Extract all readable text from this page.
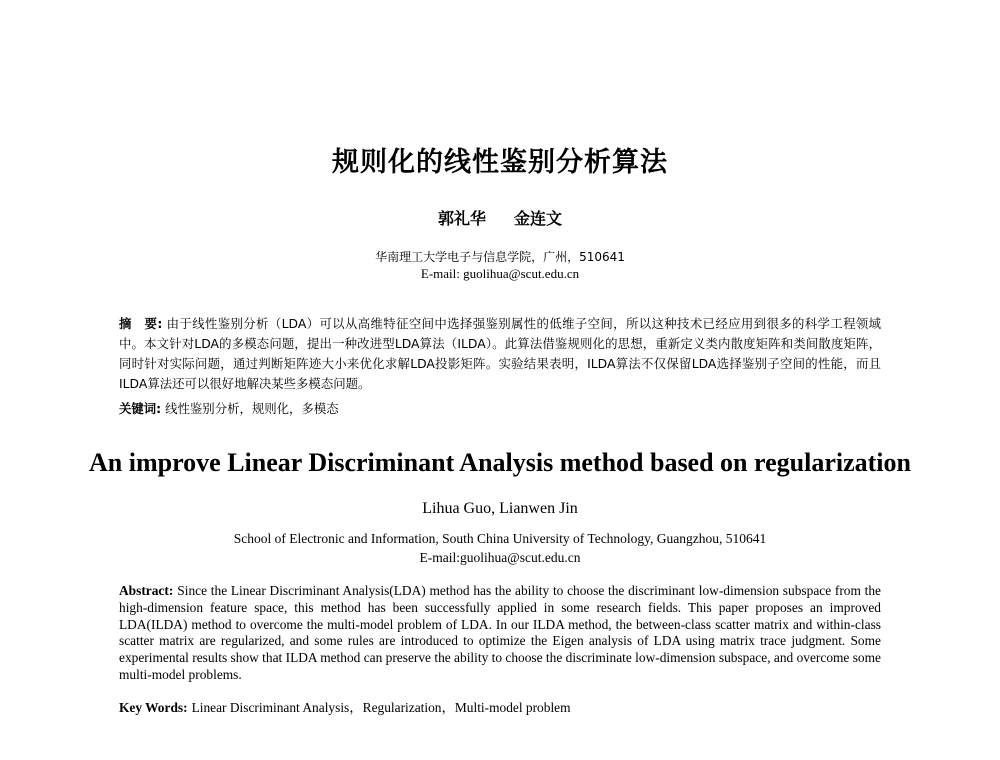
规则化的线性鉴别分析算法
郭礼华 金连文
华南理工大学电子与信息学院，广州，510641
E-mail: guolihua@scut.edu.cn
摘　要: 由于线性鉴别分析（LDA）可以从高维特征空间中选择强鉴别属性的低维子空间，所以这种技术已经应用到很多的科学工程领域中。本文针对LDA的多模态问题，提出一种改进型LDA算法（ILDA）。此算法借鉴规则化的思想，重新定义类内散度矩阵和类间散度矩阵，同时针对实际问题，通过判断矩阵迹大小来优化求解LDA投影矩阵。实验结果表明，ILDA算法不仅保留LDA选择鉴别子空间的性能，而且ILDA算法还可以很好地解决某些多模态问题。
关键词: 线性鉴别分析，规则化，多模态
An improve Linear Discriminant Analysis method based on regularization
Lihua Guo, Lianwen Jin
School of Electronic and Information, South China University of Technology, Guangzhou, 510641
E-mail:guolihua@scut.edu.cn
Abstract: Since the Linear Discriminant Analysis(LDA) method has the ability to choose the discriminant low-dimension subspace from the high-dimension feature space, this method has been successfully applied in some research fields. This paper proposes an improved LDA(ILDA) method to overcome the multi-model problem of LDA. In our ILDA method, the between-class scatter matrix and within-class scatter matrix are regularized, and some rules are introduced to optimize the Eigen analysis of LDA using matrix trace judgment. Some experimental results show that ILDA method can preserve the ability to choose the discriminate low-dimension subspace, and overcome some multi-model problems.
Key Words: Linear Discriminant Analysis，Regularization，Multi-model problem
